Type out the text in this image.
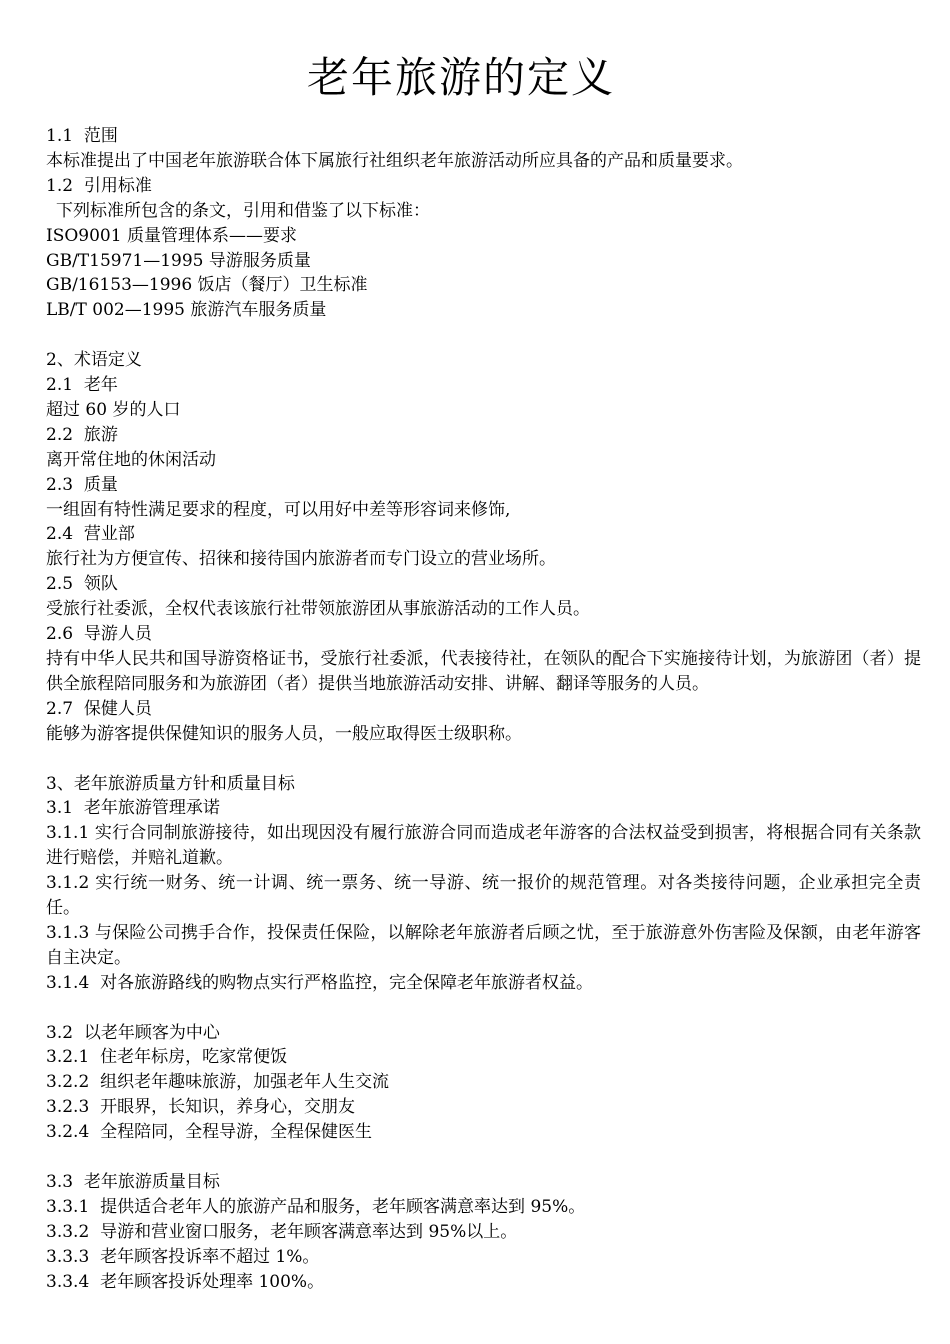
老年旅游的定义
1.1  范围
本标准提出了中国老年旅游联合体下属旅行社组织老年旅游活动所应具备的产品和质量要求。
1.2  引用标准
下列标准所包含的条文，引用和借鉴了以下标准：
ISO9001 质量管理体系——要求
GB/T15971—1995 导游服务质量
GB/16153—1996 饭店（餐厅）卫生标准
LB/T 002—1995 旅游汽车服务质量
2、术语定义
2.1  老年
超过 60 岁的人口
2.2  旅游
离开常住地的休闲活动
2.3  质量
一组固有特性满足要求的程度，可以用好中差等形容词来修饰,
2.4  营业部
旅行社为方便宣传、招徕和接待国内旅游者而专门设立的营业场所。
2.5  领队
受旅行社委派，全权代表该旅行社带领旅游团从事旅游活动的工作人员。
2.6  导游人员
持有中华人民共和国导游资格证书，受旅行社委派，代表接待社，在领队的配合下实施接待计划，为旅游团（者）提供全旅程陪同服务和为旅游团（者）提供当地旅游活动安排、讲解、翻译等服务的人员。
2.7  保健人员
能够为游客提供保健知识的服务人员，一般应取得医士级职称。
3、老年旅游质量方针和质量目标
3.1  老年旅游管理承诺
3.1.1 实行合同制旅游接待，如出现因没有履行旅游合同而造成老年游客的合法权益受到损害，将根据合同有关条款进行赔偿，并赔礼道歉。
3.1.2 实行统一财务、统一计调、统一票务、统一导游、统一报价的规范管理。对各类接待问题，企业承担完全责任。
3.1.3 与保险公司携手合作，投保责任保险，以解除老年旅游者后顾之忧，至于旅游意外伤害险及保额，由老年游客自主决定。
3.1.4  对各旅游路线的购物点实行严格监控，完全保障老年旅游者权益。
3.2  以老年顾客为中心
3.2.1  住老年标房，吃家常便饭
3.2.2  组织老年趣味旅游，加强老年人生交流
3.2.3  开眼界，长知识，养身心，交朋友
3.2.4  全程陪同，全程导游，全程保健医生
3.3  老年旅游质量目标
3.3.1  提供适合老年人的旅游产品和服务，老年顾客满意率达到 95%。
3.3.2  导游和营业窗口服务，老年顾客满意率达到 95%以上。
3.3.3  老年顾客投诉率不超过 1%。
3.3.4  老年顾客投诉处理率 100%。
